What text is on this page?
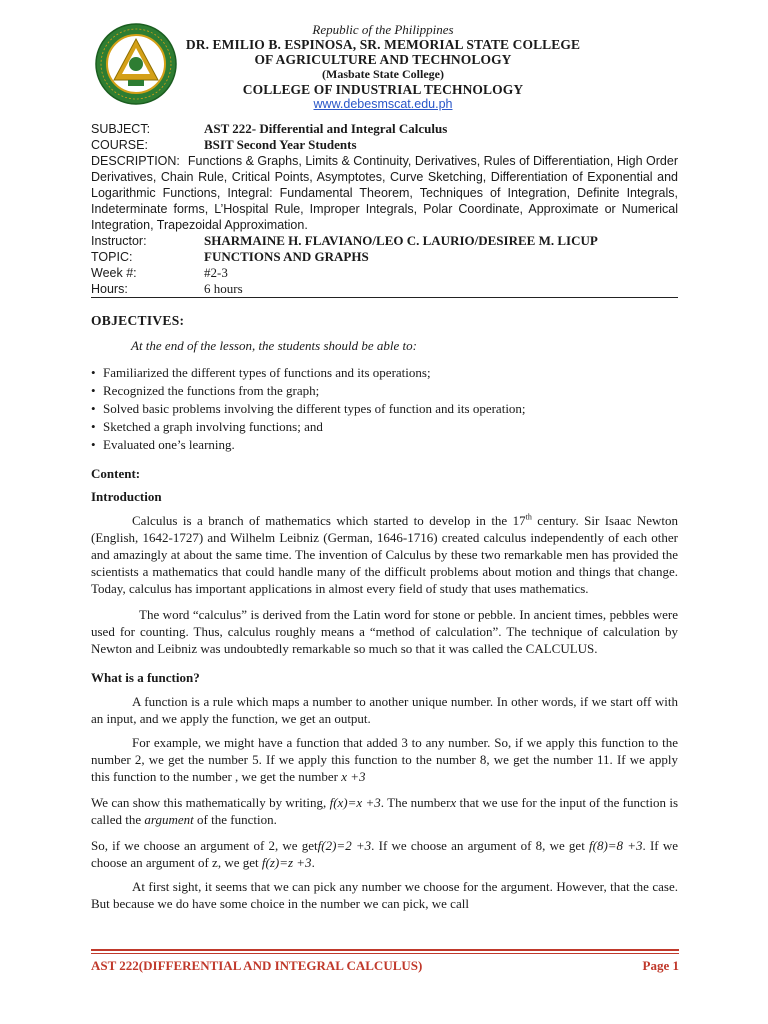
Republic of the Philippines
DR. EMILIO B. ESPINOSA, SR. MEMORIAL STATE COLLEGE
OF AGRICULTURE AND TECHNOLOGY
(Masbate State College)
COLLEGE OF INDUSTRIAL TECHNOLOGY
www.debesmscat.edu.ph
SUBJECT:	AST 222- Differential and Integral Calculus
COURSE:	BSIT Second Year Students
DESCRIPTION: Functions & Graphs, Limits & Continuity, Derivatives, Rules of Differentiation, High Order Derivatives, Chain Rule, Critical Points, Asymptotes, Curve Sketching, Differentiation of Exponential and Logarithmic Functions, Integral: Fundamental Theorem, Techniques of Integration, Definite Integrals, Indeterminate forms, L’Hospital Rule, Improper Integrals, Polar Coordinate, Approximate or Numerical Integration, Trapezoidal Approximation.
Instructor:	SHARMAINE H. FLAVIANO/LEO C. LAURIO/DESIREE M. LICUP
TOPIC:	FUNCTIONS AND GRAPHS
Week #:	#2-3
Hours:	6 hours
OBJECTIVES:
At the end of the lesson, the students should be able to:
• Familiarized the different types of functions and its operations;
• Recognized the functions from the graph;
• Solved basic problems involving the different types of function and its operation;
• Sketched a graph involving functions; and
• Evaluated one’s learning.
Content:
Introduction

Calculus is a branch of mathematics which started to develop in the 17th century. Sir Isaac Newton (English, 1642-1727) and Wilhelm Leibniz (German, 1646-1716) created calculus independently of each other and amazingly at about the same time. The invention of Calculus by these two remarkable men has provided the scientists a mathematics that could handle many of the difficult problems about motion and things that change. Today, calculus has important applications in almost every field of study that uses mathematics.

The word “calculus” is derived from the Latin word for stone or pebble. In ancient times, pebbles were used for counting. Thus, calculus roughly means a “method of calculation”. The technique of calculation by Newton and Leibniz was undoubtedly remarkable so much so that it was called the CALCULUS.

What is a function?

A function is a rule which maps a number to another unique number. In other words, if we start off with an input, and we apply the function, we get an output.

For example, we might have a function that added 3 to any number. So, if we apply this function to the number 2, we get the number 5. If we apply this function to the number 8, we get the number 11. If we apply this function to the number , we get the number x +3

We can show this mathematically by writing, f(x)=x +3. The numberx that we use for the input of the function is called the argument of the function.

So, if we choose an argument of 2, we getf(2)=2 +3. If we choose an argument of 8, we get f(8)=8 +3. If we choose an argument of z, we get f(z)=z +3.

At first sight, it seems that we can pick any number we choose for the argument. However, that the case. But because we do have some choice in the number we can pick, we call

AST 222(DIFFERENTIAL AND INTEGRAL CALCULUS)	Page 1
